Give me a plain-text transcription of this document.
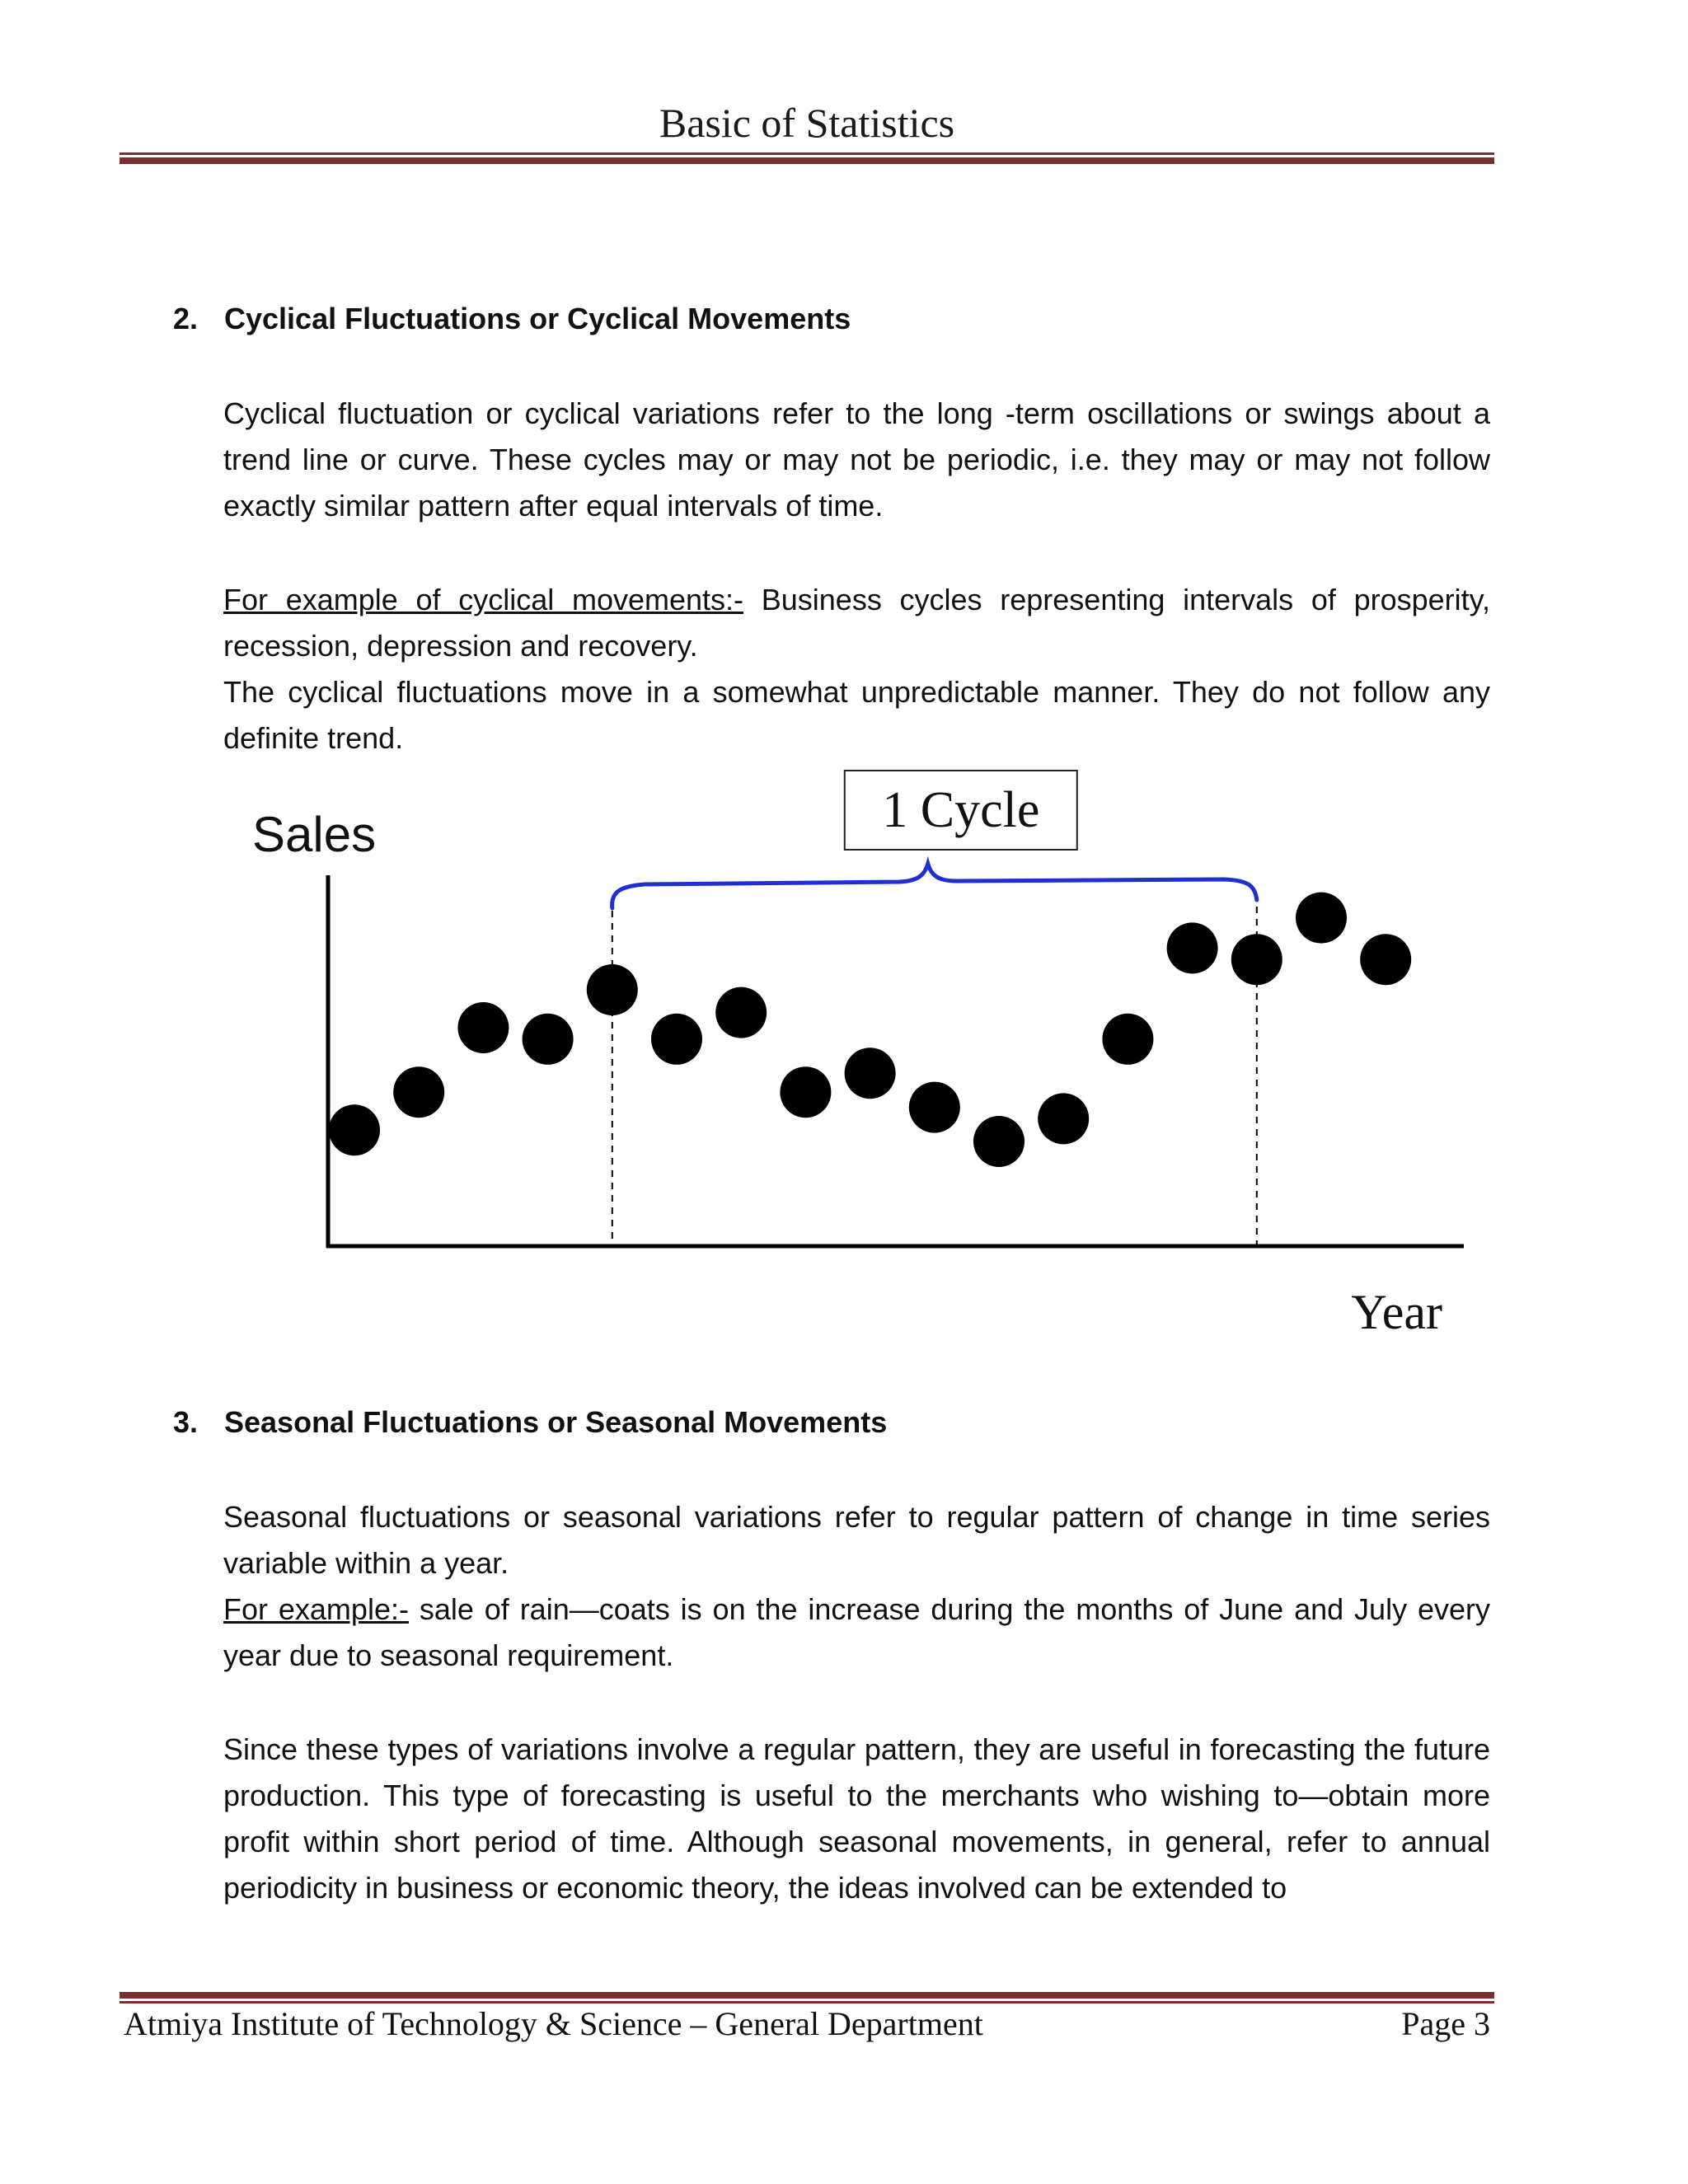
Basic of Statistics
2. Cyclical Fluctuations or Cyclical Movements

Cyclical fluctuation or cyclical variations refer to the long -term oscillations or swings about a trend line or curve. These cycles may or may not be periodic, i.e. they may or may not follow exactly similar pattern after equal intervals of time.

For example of cyclical movements:- Business cycles representing intervals of prosperity, recession, depression and recovery.

The cyclical fluctuations move in a somewhat unpredictable manner. They do not follow any definite trend.

1 Cycle
Sales
Year
3. Seasonal Fluctuations or Seasonal Movements

Seasonal fluctuations or seasonal variations refer to regular pattern of change in time series variable within a year.

For example:- sale of rain—coats is on the increase during the months of June and July every year due to seasonal requirement.

Since these types of variations involve a regular pattern, they are useful in forecasting the future production. This type of forecasting is useful to the merchants who wishing to—obtain more profit within short period of time. Although seasonal movements, in general, refer to annual periodicity in business or economic theory, the ideas involved can be extended to

Atmiya Institute of Technology & Science – General Department	Page 3
